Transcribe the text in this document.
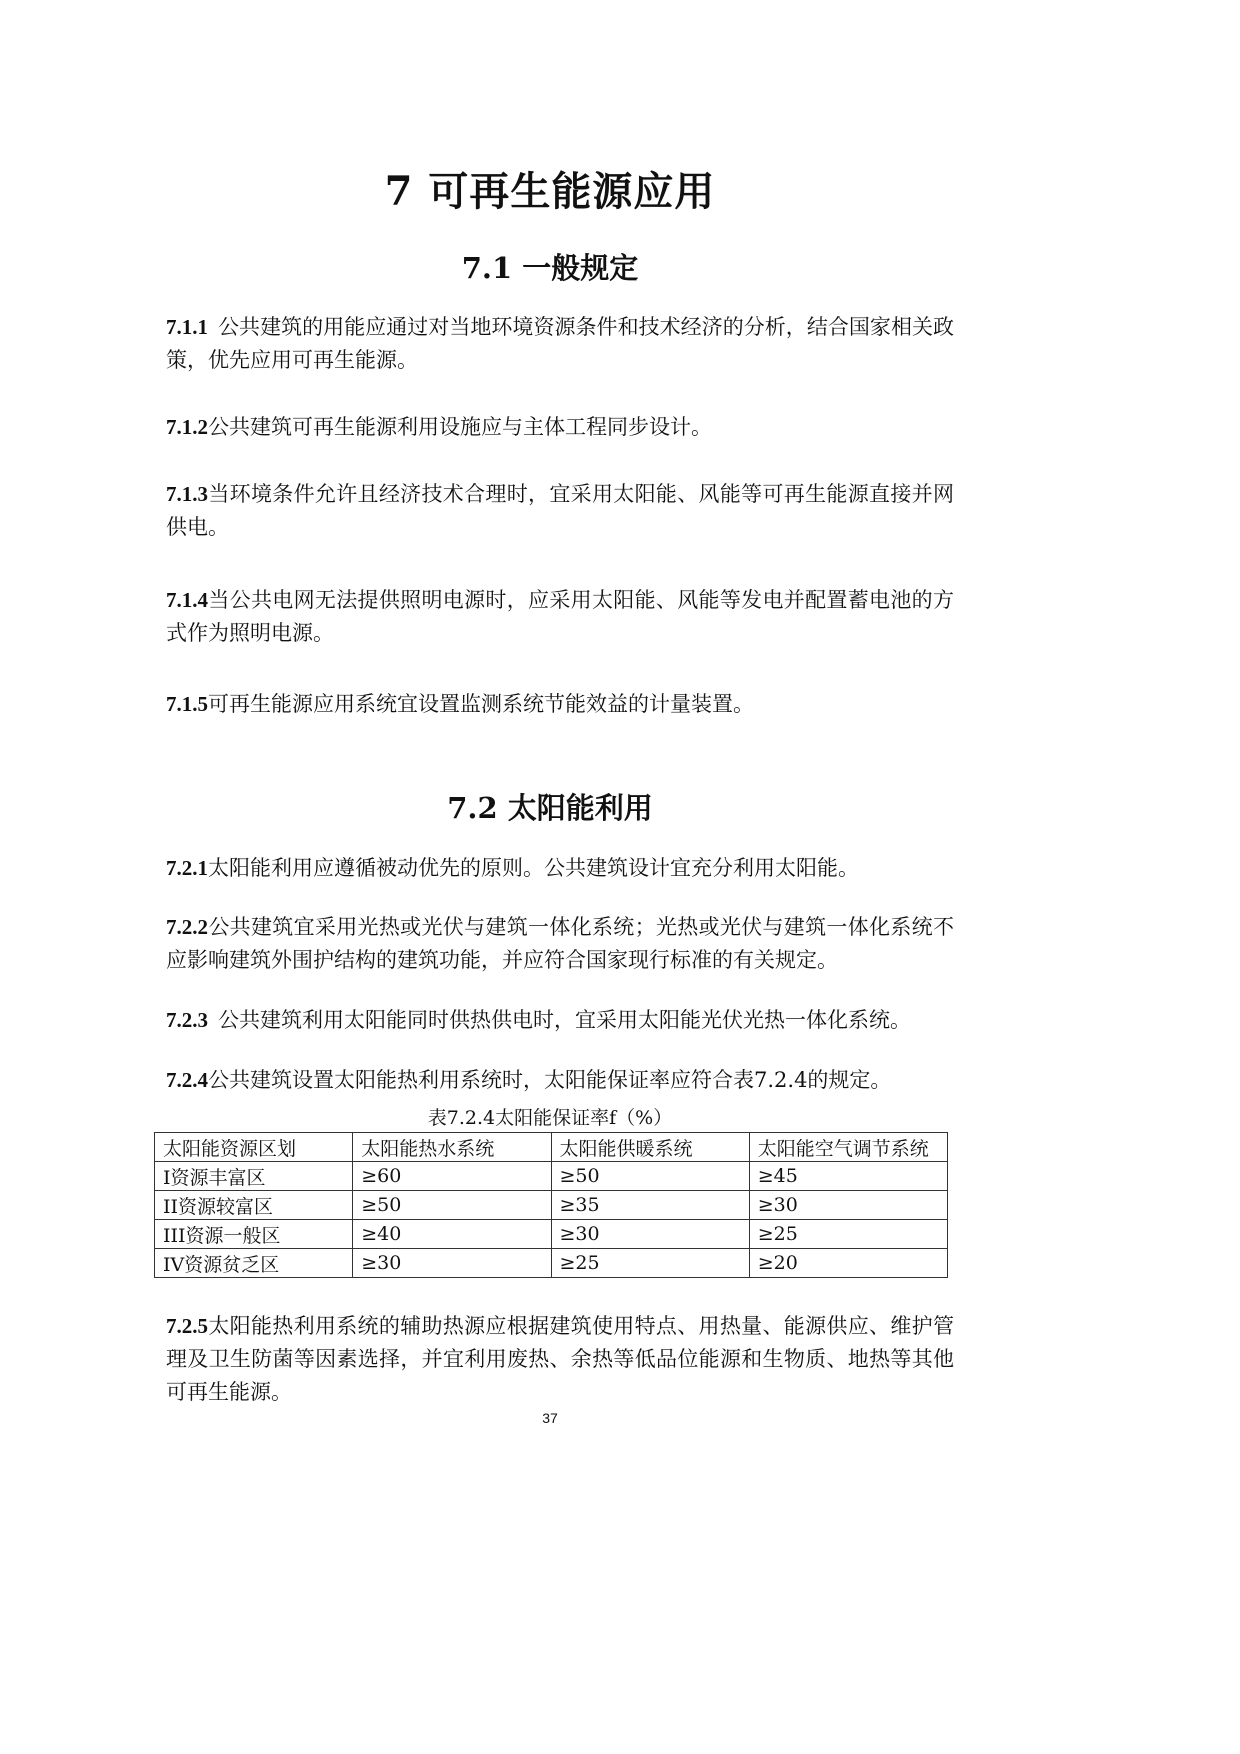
7 可再生能源应用
7.1 一般规定
7.1.1 公共建筑的用能应通过对当地环境资源条件和技术经济的分析，结合国家相关政策，优先应用可再生能源。
7.1.2公共建筑可再生能源利用设施应与主体工程同步设计。
7.1.3当环境条件允许且经济技术合理时，宜采用太阳能、风能等可再生能源直接并网供电。
7.1.4当公共电网无法提供照明电源时，应采用太阳能、风能等发电并配置蓄电池的方式作为照明电源。
7.1.5可再生能源应用系统宜设置监测系统节能效益的计量装置。
7.2 太阳能利用
7.2.1太阳能利用应遵循被动优先的原则。公共建筑设计宜充分利用太阳能。
7.2.2公共建筑宜采用光热或光伏与建筑一体化系统；光热或光伏与建筑一体化系统不应影响建筑外围护结构的建筑功能，并应符合国家现行标准的有关规定。
7.2.3 公共建筑利用太阳能同时供热供电时，宜采用太阳能光伏光热一体化系统。
7.2.4公共建筑设置太阳能热利用系统时，太阳能保证率应符合表7.2.4的规定。
表7.2.4太阳能保证率f（%）
太阳能资源区划	太阳能热水系统	太阳能供暖系统	太阳能空气调节系统
I资源丰富区	≥60	≥50	≥45
II资源较富区	≥50	≥35	≥30
III资源一般区	≥40	≥30	≥25
IV资源贫乏区	≥30	≥25	≥20
7.2.5太阳能热利用系统的辅助热源应根据建筑使用特点、用热量、能源供应、维护管理及卫生防菌等因素选择，并宜利用废热、余热等低品位能源和生物质、地热等其他可再生能源。
37
